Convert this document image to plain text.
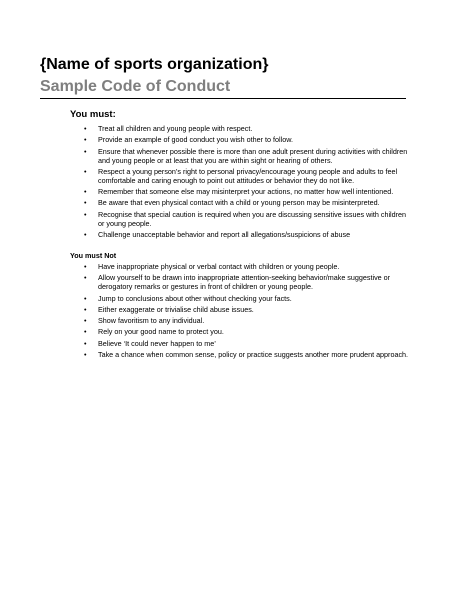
{Name of sports organization}
Sample Code of Conduct
You must:
• Treat all children and young people with respect.
• Provide an example of good conduct you wish other to follow.
• Ensure that whenever possible there is more than one adult present during activities with children and young people or at least that you are within sight or hearing of others.
• Respect a young person’s right to personal privacy/encourage young people and adults to feel comfortable and caring enough to point out attitudes or behavior they do not like.
• Remember that someone else may misinterpret your actions, no matter how well intentioned.
• Be aware that even physical contact with a child or young person may be misinterpreted.
• Recognise that special caution is required when you are discussing sensitive issues with children or young people.
• Challenge unacceptable behavior and report all allegations/suspicions of abuse
You must Not
• Have inappropriate physical or verbal contact with children or young people.
• Allow yourself to be drawn into inappropriate attention-seeking behavior/make suggestive or derogatory remarks or gestures in front of children or young people.
• Jump to conclusions about other without checking your facts.
• Either exaggerate or trivialise child abuse issues.
• Show favoritism to any individual.
• Rely on your good name to protect you.
• Believe ‘It could never happen to me’
• Take a chance when common sense, policy or practice suggests another more prudent approach.
